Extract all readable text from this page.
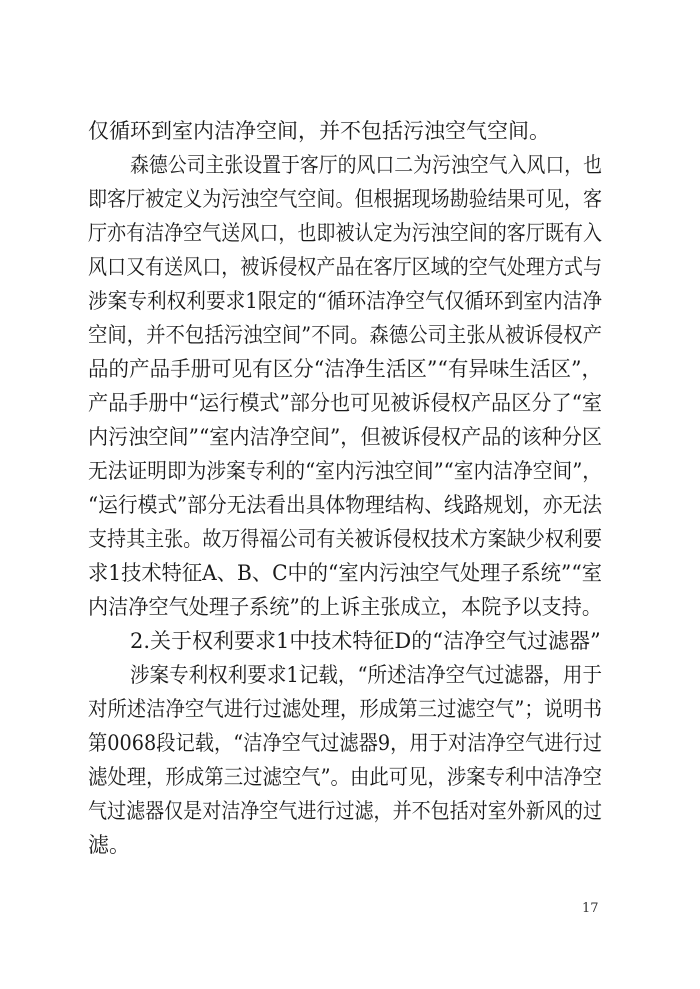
仅循环到室内洁净空间，并不包括污浊空气空间。
森德公司主张设置于客厅的风口二为污浊空气入风口，也
即客厅被定义为污浊空气空间。但根据现场勘验结果可见，客
厅亦有洁净空气送风口，也即被认定为污浊空间的客厅既有入
风口又有送风口，被诉侵权产品在客厅区域的空气处理方式与
涉案专利权利要求1限定的“循环洁净空气仅循环到室内洁净
空间，并不包括污浊空间”不同。森德公司主张从被诉侵权产
品的产品手册可见有区分“洁净生活区”“有异味生活区”，
产品手册中“运行模式”部分也可见被诉侵权产品区分了“室
内污浊空间”“室内洁净空间”，但被诉侵权产品的该种分区
无法证明即为涉案专利的“室内污浊空间”“室内洁净空间”，
“运行模式”部分无法看出具体物理结构、线路规划，亦无法
支持其主张。故万得福公司有关被诉侵权技术方案缺少权利要
求1技术特征A、B、C中的“室内污浊空气处理子系统”“室
内洁净空气处理子系统”的上诉主张成立，本院予以支持。
2.关于权利要求1中技术特征D的“洁净空气过滤器”
涉案专利权利要求1记载，“所述洁净空气过滤器，用于
对所述洁净空气进行过滤处理，形成第三过滤空气”；说明书
第0068段记载，“洁净空气过滤器9，用于对洁净空气进行过
滤处理，形成第三过滤空气”。由此可见，涉案专利中洁净空
气过滤器仅是对洁净空气进行过滤，并不包括对室外新风的过
滤。
17
